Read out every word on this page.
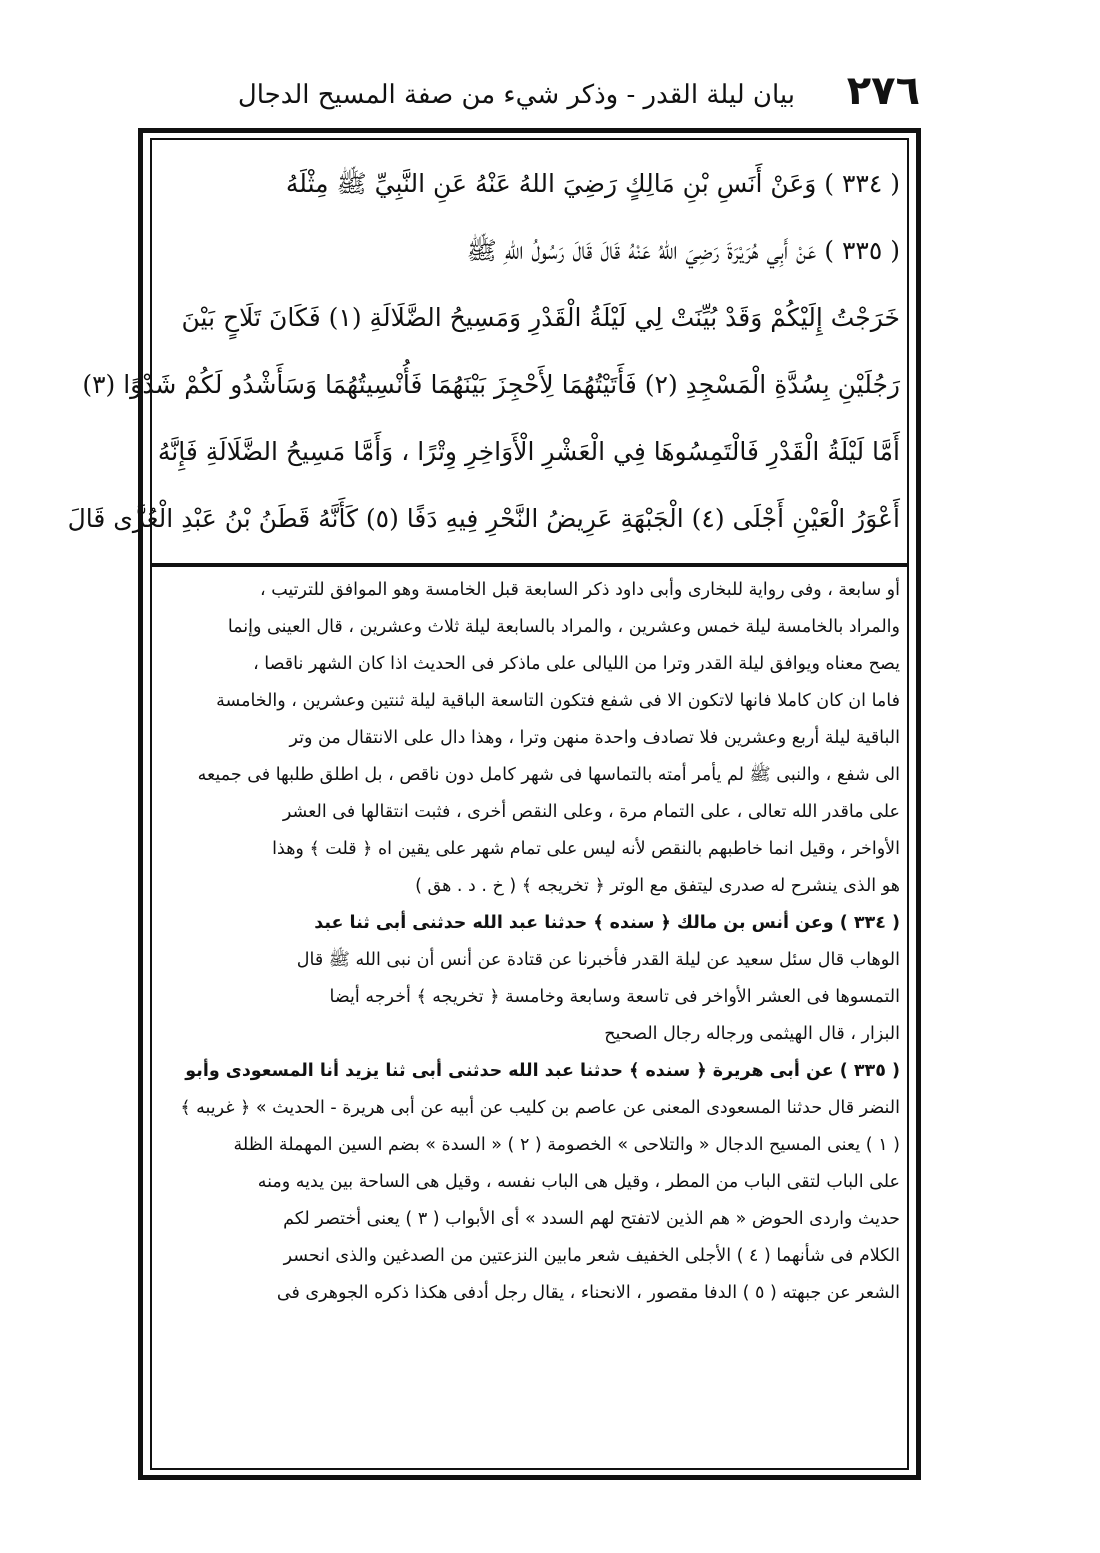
٢٧٦
بيان ليلة القدر - وذكر شيء من صفة المسيح الدجال

( ٣٣٤ ) وَعَنْ أَنَسِ بْنِ مَالِكٍ رَضِيَ اللهُ عَنْهُ عَنِ النَّبِيِّ ﷺ مِثْلَهُ

( ٣٣٥ ) عَنْ أَبِي هُرَيْرَةَ رَضِيَ اللهُ عَنْهُ قَالَ قَالَ رَسُولُ اللهِ ﷺ

خَرَجْتُ إِلَيْكُمْ وَقَدْ بُيِّنَتْ لِي لَيْلَةُ الْقَدْرِ وَمَسِيحُ الضَّلَالَةِ (١) فَكَانَ تَلَاحٍ بَيْنَ

رَجُلَيْنِ بِسُدَّةِ الْمَسْجِدِ (٢) فَأَتَيْتُهُمَا لِأَحْجِزَ بَيْنَهُمَا فَأُنْسِيتُهُمَا وَسَأَشْدُو لَكُمْ شَدْوًا (٣)

أَمَّا لَيْلَةُ الْقَدْرِ فَالْتَمِسُوهَا فِي الْعَشْرِ الْأَوَاخِرِ وِتْرًا ، وَأَمَّا مَسِيحُ الضَّلَالَةِ فَإِنَّهُ

أَعْوَرُ الْعَيْنِ أَجْلَى (٤) الْجَبْهَةِ عَرِيضُ النَّحْرِ فِيهِ دَفًا (٥) كَأَنَّهُ قَطَنُ بْنُ عَبْدِ الْعُزَّى قَالَ

أو سابعة ، وفى رواية للبخارى وأبى داود ذكر السابعة قبل الخامسة وهو الموافق للترتيب ،

والمراد بالخامسة ليلة خمس وعشرين ، والمراد بالسابعة ليلة ثلاث وعشرين ، قال العينى وإنما

يصح معناه ويوافق ليلة القدر وترا من الليالى على ماذكر فى الحديث اذا كان الشهر ناقصا ،

فاما ان كان كاملا فانها لاتكون الا فى شفع فتكون التاسعة الباقية ليلة ثنتين وعشرين ، والخامسة

الباقية ليلة أربع وعشرين فلا تصادف واحدة منهن وترا ، وهذا دال على الانتقال من وتر

الى شفع ، والنبى ﷺ لم يأمر أمته بالتماسها فى شهر كامل دون ناقص ، بل اطلق طلبها فى جميعه

على ماقدر الله تعالى ، على التمام مرة ، وعلى النقص أخرى ، فثبت انتقالها فى العشر

الأواخر ، وقيل انما خاطبهم بالنقص لأنه ليس على تمام شهر على يقين اه ﴿ قلت ﴾ وهذا

هو الذى ينشرح له صدرى ليتفق مع الوتر ﴿ تخريجه ﴾ ( خ . د . هق )

( ٣٣٤ ) وعن أنس بن مالك ﴿ سنده ﴾ حدثنا عبد الله حدثنى أبى ثنا عبد

الوهاب قال سئل سعيد عن ليلة القدر فأخبرنا عن قتادة عن أنس أن نبى الله ﷺ قال

التمسوها فى العشر الأواخر فى تاسعة وسابعة وخامسة ﴿ تخريجه ﴾ أخرجه أيضا

البزار ، قال الهيثمى ورجاله رجال الصحيح

( ٣٣٥ ) عن أبى هريرة ﴿ سنده ﴾ حدثنا عبد الله حدثنى أبى ثنا يزيد أنا المسعودى وأبو

النضر قال حدثنا المسعودى المعنى عن عاصم بن كليب عن أبيه عن أبى هريرة - الحديث » ﴿ غريبه ﴾

( ١ ) يعنى المسيح الدجال « والتلاحى » الخصومة ( ٢ ) « السدة » بضم السين المهملة الظلة

على الباب لتقى الباب من المطر ، وقيل هى الباب نفسه ، وقيل هى الساحة بين يديه ومنه

حديث واردى الحوض « هم الذين لاتفتح لهم السدد » أى الأبواب ( ٣ ) يعنى أختصر لكم

الكلام فى شأنهما ( ٤ ) الأجلى الخفيف شعر مابين النزعتين من الصدغين والذى انحسر

الشعر عن جبهته ( ٥ ) الدفا مقصور ، الانحناء ، يقال رجل أدفى هكذا ذكره الجوهرى فى
